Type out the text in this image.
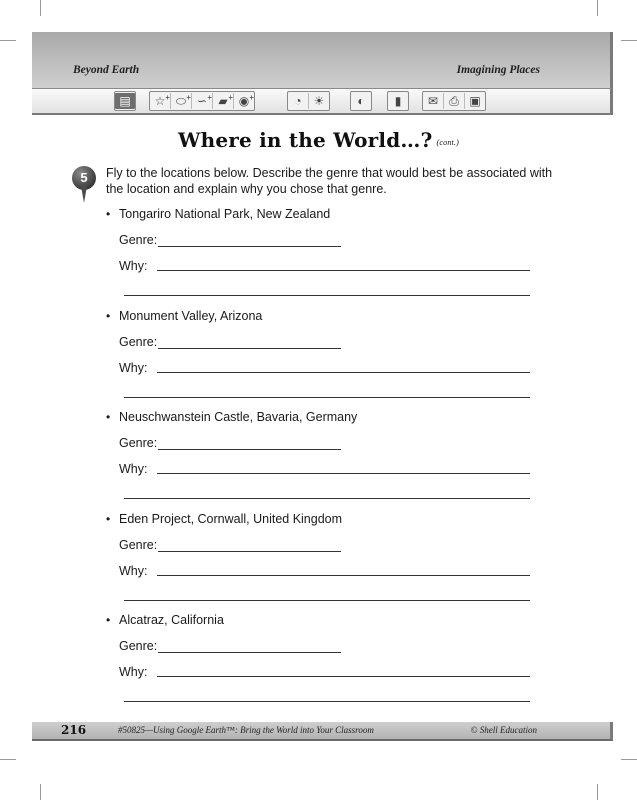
Beyond Earth	Imagining Places
▤	☆ + ⬭ + ∽ + ▰ + ◉ +	◔ ☀	◐	▮	✉ ⎙ ▣
Where in the World…? (cont.)
5	Fly to the locations below. Describe the genre that would best be associated with the location and explain why you chose that genre.
• Tongariro National Park, New Zealand
Genre:
Why:
• Monument Valley, Arizona
Genre:
Why:
• Neuschwanstein Castle, Bavaria, Germany
Genre:
Why:
• Eden Project, Cornwall, United Kingdom
Genre:
Why:
• Alcatraz, California
Genre:
Why:
216	#50825—Using Google Earth™: Bring the World into Your Classroom	© Shell Education
